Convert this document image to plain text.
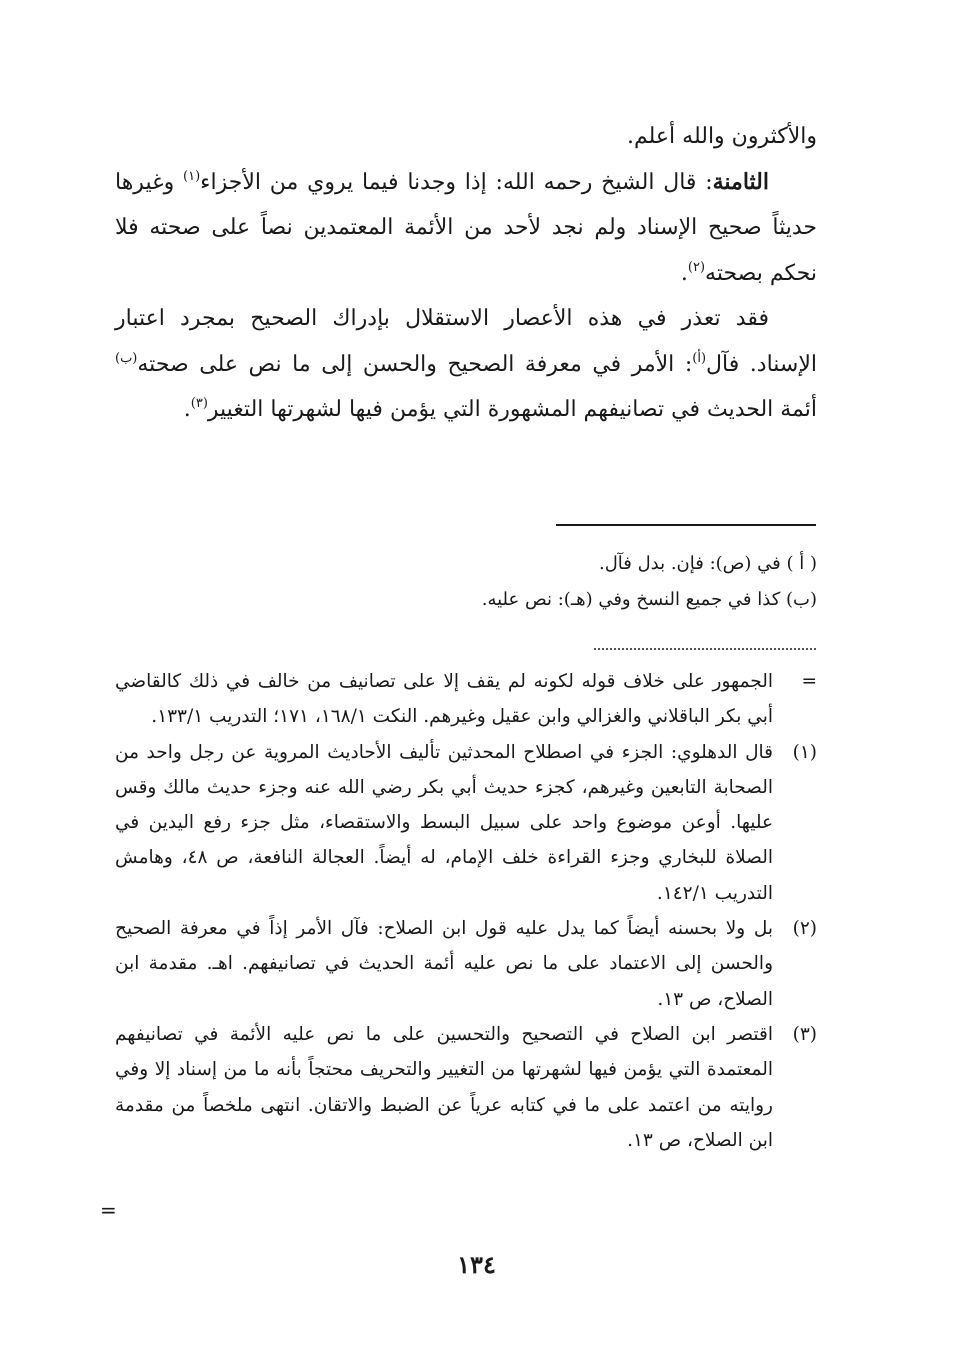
والأكثرون والله أعلم.

الثامنة: قال الشيخ رحمه الله: إذا وجدنا فيما يروي من الأجزاء$^{(١)}$ وغيرها حديثاً صحيح الإسناد ولم نجد لأحد من الأئمة المعتمدين نصاً على صحته فلا نحكم بصحته$^{(٢)}$.

فقد تعذر في هذه الأعصار الاستقلال بإدراك الصحيح بمجرد اعتبار الإسناد. فآل$^{(أ)}$: الأمر في معرفة الصحيح والحسن إلى ما نص على صحته$^{(ب)}$ أئمة الحديث في تصانيفهم المشهورة التي يؤمن فيها لشهرتها التغيير$^{(٣)}$.

( أ ) في (ص): فإن. بدل فآل.
(ب) كذا في جميع النسخ وفي (هـ): نص عليه.
=
الجمهور على خلاف قوله لكونه لم يقف إلا على تصانيف من خالف في ذلك كالقاضي أبي بكر الباقلاني والغزالي وابن عقيل وغيرهم. النكت ١٦٨/١، ١٧١؛ التدريب ١٣٣/١.
(١)
قال الدهلوي: الجزء في اصطلاح المحدثين تأليف الأحاديث المروية عن رجل واحد من الصحابة التابعين وغيرهم، كجزء حديث أبي بكر رضي الله عنه وجزء حديث مالك وقس عليها. أوعن موضوع واحد على سبيل البسط والاستقصاء، مثل جزء رفع اليدين في الصلاة للبخاري وجزء القراءة خلف الإمام، له أيضاً. العجالة النافعة، ص ٤٨، وهامش التدريب ١٤٢/١.
(٢)
بل ولا بحسنه أيضاً كما يدل عليه قول ابن الصلاح: فآل الأمر إذاً في معرفة الصحيح والحسن إلى الاعتماد على ما نص عليه أئمة الحديث في تصانيفهم. اهـ. مقدمة ابن الصلاح، ص ١٣.
(٣)
اقتصر ابن الصلاح في التصحيح والتحسين على ما نص عليه الأئمة في تصانيفهم المعتمدة التي يؤمن فيها لشهرتها من التغيير والتحريف محتجاً بأنه ما من إسناد إلا وفي روايته من اعتمد على ما في كتابه عرياً عن الضبط والاتقان. انتهى ملخصاً من مقدمة ابن الصلاح، ص ١٣.
=
١٣٤
